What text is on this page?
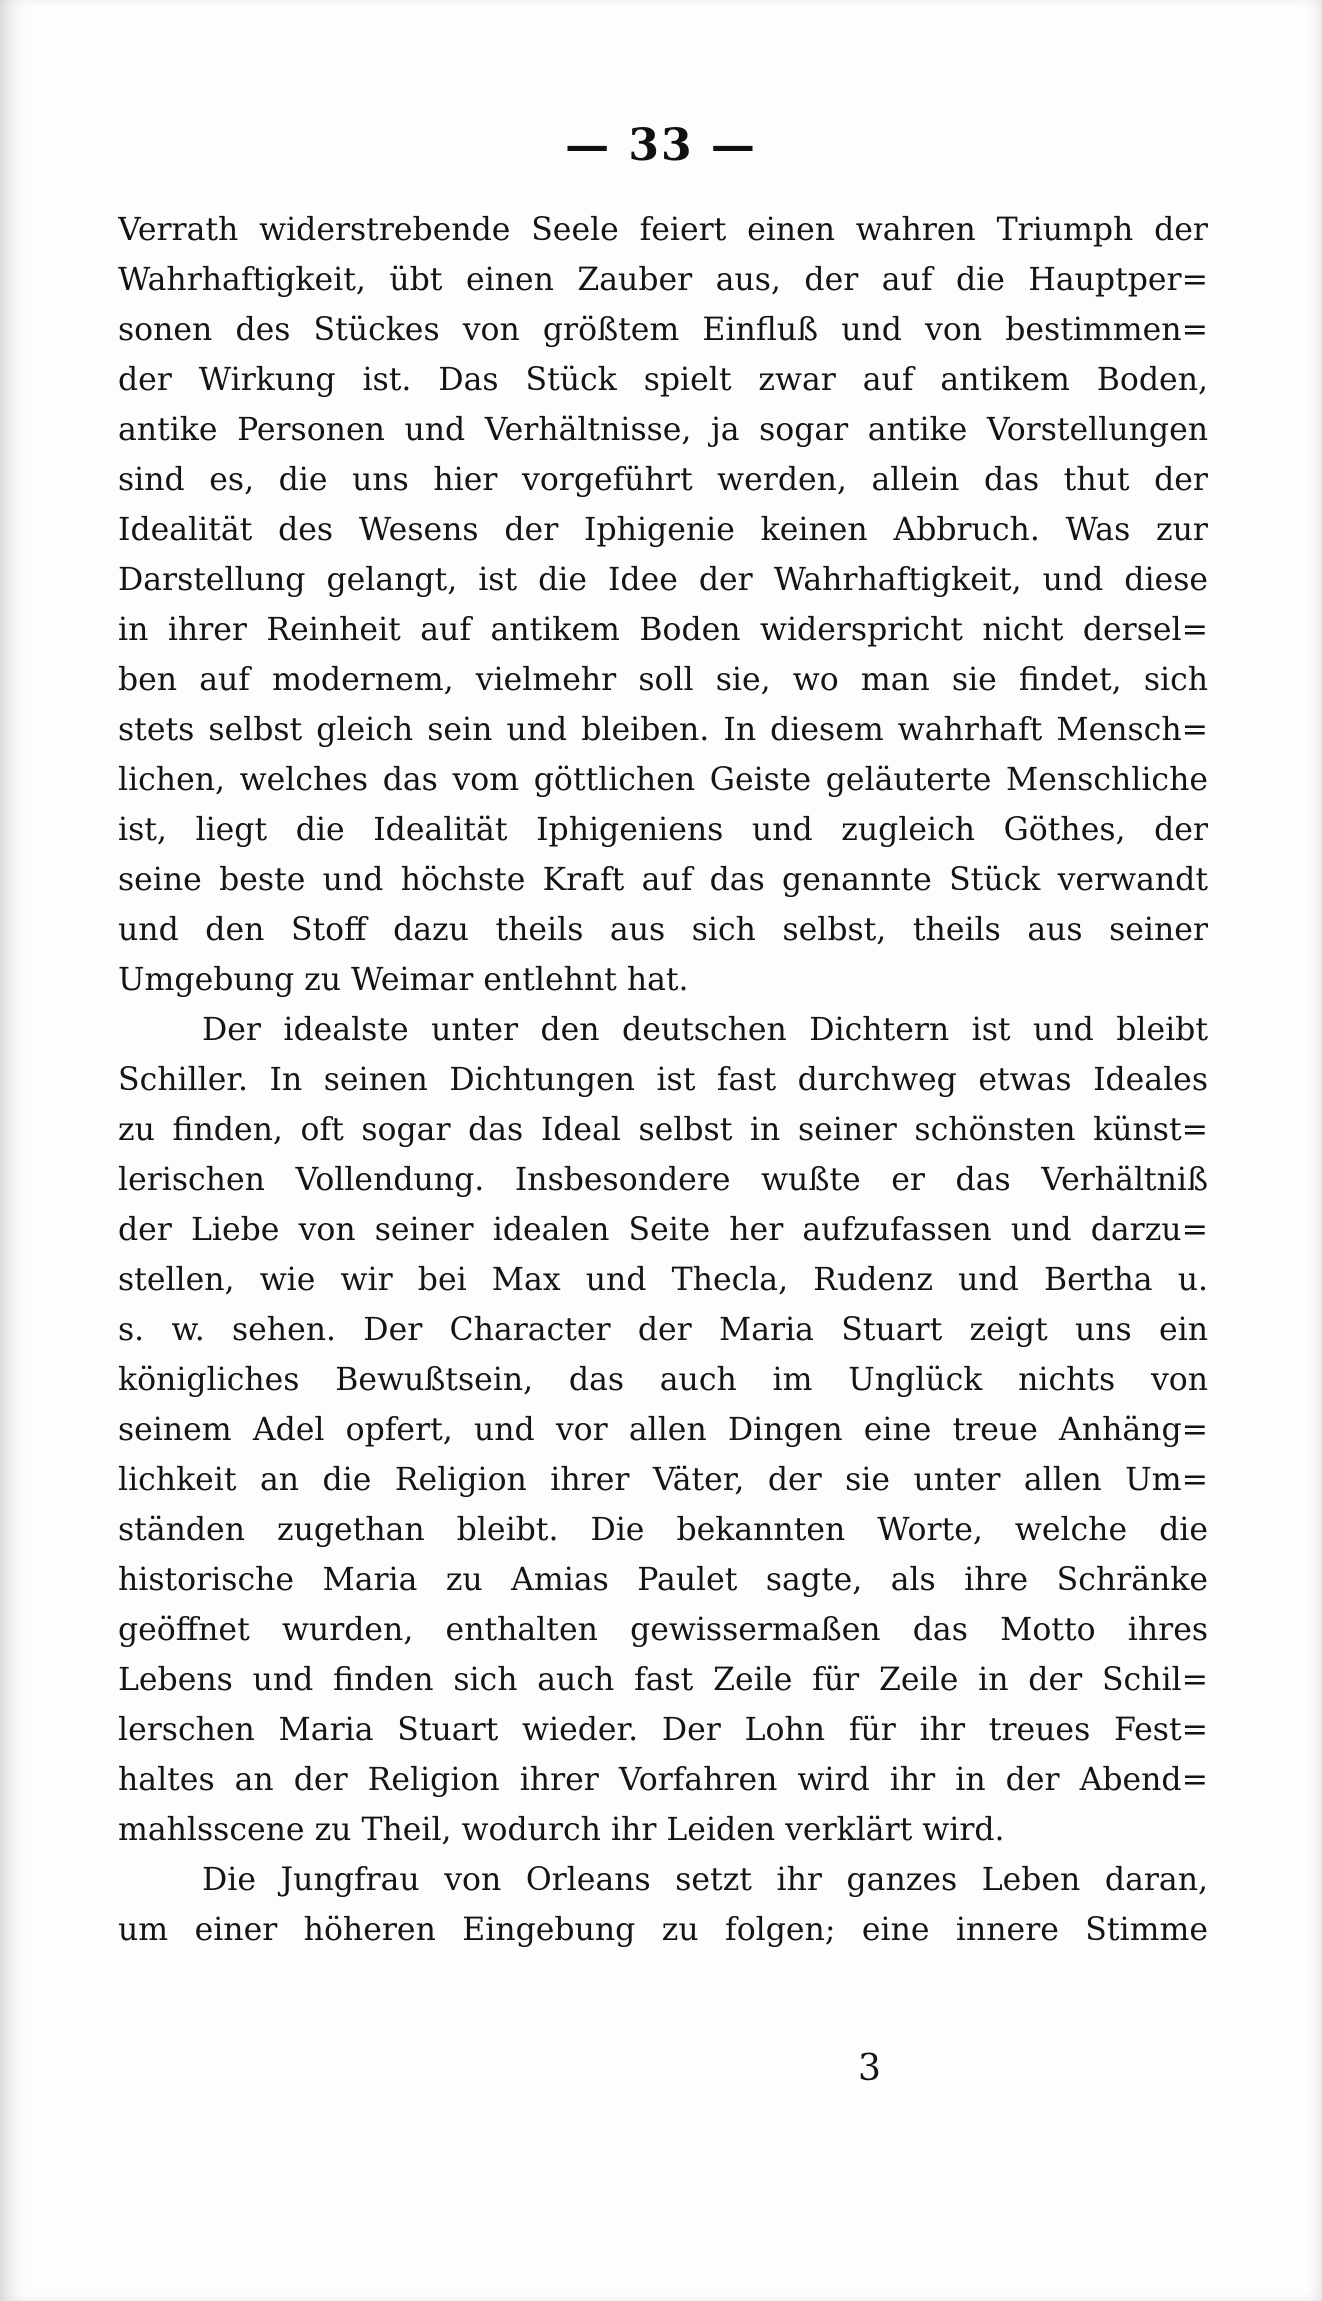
— 33 —
Verrath widerstrebende Seele feiert einen wahren Triumph der
Wahrhaftigkeit, übt einen Zauber aus, der auf die Hauptper=
sonen des Stückes von größtem Einfluß und von bestimmen=
der Wirkung ist. Das Stück spielt zwar auf antikem Boden,
antike Personen und Verhältnisse, ja sogar antike Vorstellungen
sind es, die uns hier vorgeführt werden, allein das thut der
Idealität des Wesens der Iphigenie keinen Abbruch. Was zur
Darstellung gelangt, ist die Idee der Wahrhaftigkeit, und diese
in ihrer Reinheit auf antikem Boden widerspricht nicht dersel=
ben auf modernem, vielmehr soll sie, wo man sie findet, sich
stets selbst gleich sein und bleiben. In diesem wahrhaft Mensch=
lichen, welches das vom göttlichen Geiste geläuterte Menschliche
ist, liegt die Idealität Iphigeniens und zugleich Göthes, der
seine beste und höchste Kraft auf das genannte Stück verwandt
und den Stoff dazu theils aus sich selbst, theils aus seiner
Umgebung zu Weimar entlehnt hat.
Der idealste unter den deutschen Dichtern ist und bleibt
Schiller. In seinen Dichtungen ist fast durchweg etwas Ideales
zu finden, oft sogar das Ideal selbst in seiner schönsten künst=
lerischen Vollendung. Insbesondere wußte er das Verhältniß
der Liebe von seiner idealen Seite her aufzufassen und darzu=
stellen, wie wir bei Max und Thecla, Rudenz und Bertha u.
s. w. sehen. Der Character der Maria Stuart zeigt uns ein
königliches Bewußtsein, das auch im Unglück nichts von
seinem Adel opfert, und vor allen Dingen eine treue Anhäng=
lichkeit an die Religion ihrer Väter, der sie unter allen Um=
ständen zugethan bleibt. Die bekannten Worte, welche die
historische Maria zu Amias Paulet sagte, als ihre Schränke
geöffnet wurden, enthalten gewissermaßen das Motto ihres
Lebens und finden sich auch fast Zeile für Zeile in der Schil=
lerschen Maria Stuart wieder. Der Lohn für ihr treues Fest=
haltes an der Religion ihrer Vorfahren wird ihr in der Abend=
mahlsscene zu Theil, wodurch ihr Leiden verklärt wird.
Die Jungfrau von Orleans setzt ihr ganzes Leben daran,
um einer höheren Eingebung zu folgen; eine innere Stimme
3
